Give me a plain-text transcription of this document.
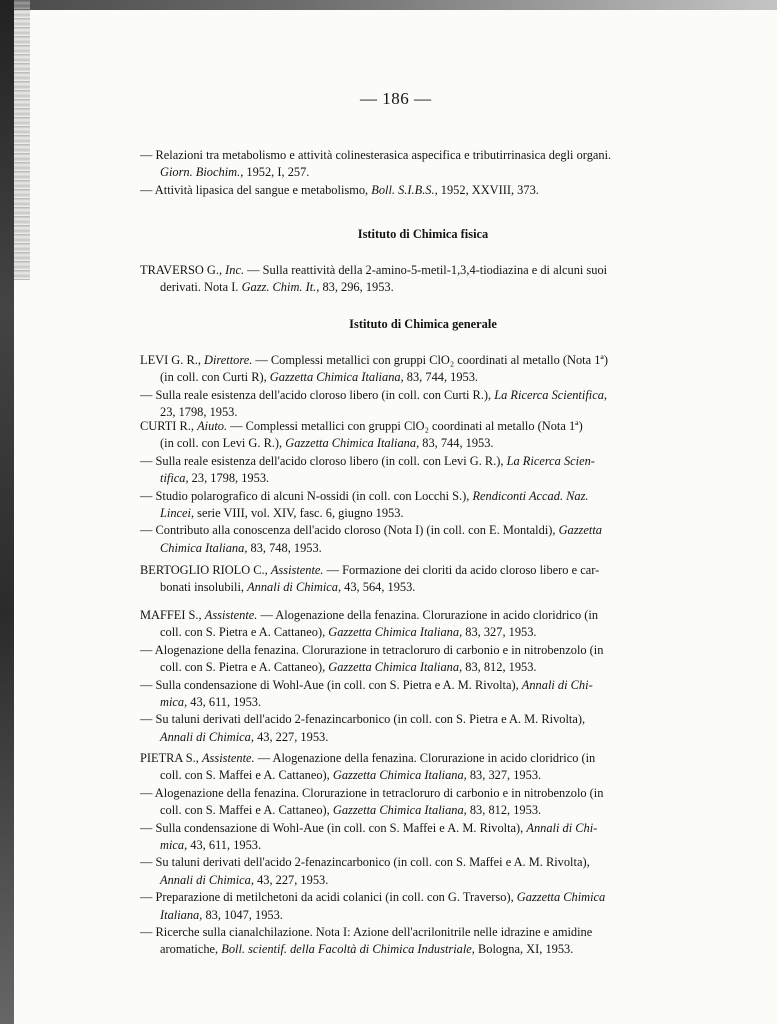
— 186 —
— Relazioni tra metabolismo e attività colinesterasica aspecifica e tributirrinasica degli organi.
Giorn. Biochim., 1952, I, 257.
— Attività lipasica del sangue e metabolismo, Boll. S.I.B.S., 1952, XXVIII, 373.
Istituto di Chimica fisica
TRAVERSO G., Inc. — Sulla reattività della 2-amino-5-metil-1,3,4-tiodiazina e di alcuni suoi
derivati. Nota I. Gazz. Chim. It., 83, 296, 1953.
Istituto di Chimica generale
LEVI G. R., Direttore. — Complessi metallici con gruppi ClO₂ coordinati al metallo (Nota 1ª)
(in coll. con Curti R), Gazzetta Chimica Italiana, 83, 744, 1953.
— Sulla reale esistenza dell'acido cloroso libero (in coll. con Curti R.), La Ricerca Scientifica,
23, 1798, 1953.
CURTI R., Aiuto. — Complessi metallici con gruppi ClO₂ coordinati al metallo (Nota 1ª)
(in coll. con Levi G. R.), Gazzetta Chimica Italiana, 83, 744, 1953.
— Sulla reale esistenza dell'acido cloroso libero (in coll. con Levi G. R.), La Ricerca Scien-
tifica, 23, 1798, 1953.
— Studio polarografico di alcuni N-ossidi (in coll. con Locchi S.), Rendiconti Accad. Naz.
Lincei, serie VIII, vol. XIV, fasc. 6, giugno 1953.
— Contributo alla conoscenza dell'acido cloroso (Nota I) (in coll. con E. Montaldi), Gazzetta
Chimica Italiana, 83, 748, 1953.
BERTOGLIO RIOLO C., Assistente. — Formazione dei cloriti da acido cloroso libero e car-
bonati insolubili, Annali di Chimica, 43, 564, 1953.
MAFFEI S., Assistente. — Alogenazione della fenazina. Clorurazione in acido cloridrico (in
coll. con S. Pietra e A. Cattaneo), Gazzetta Chimica Italiana, 83, 327, 1953.
— Alogenazione della fenazina. Clorurazione in tetracloruro di carbonio e in nitrobenzolo (in
coll. con S. Pietra e A. Cattaneo), Gazzetta Chimica Italiana, 83, 812, 1953.
— Sulla condensazione di Wohl-Aue (in coll. con S. Pietra e A. M. Rivolta), Annali di Chi-
mica, 43, 611, 1953.
— Su taluni derivati dell'acido 2-fenazincarbonico (in coll. con S. Pietra e A. M. Rivolta),
Annali di Chimica, 43, 227, 1953.
PIETRA S., Assistente. — Alogenazione della fenazina. Clorurazione in acido cloridrico (in
coll. con S. Maffei e A. Cattaneo), Gazzetta Chimica Italiana, 83, 327, 1953.
— Alogenazione della fenazina. Clorurazione in tetracloruro di carbonio e in nitrobenzolo (in
coll. con S. Maffei e A. Cattaneo), Gazzetta Chimica Italiana, 83, 812, 1953.
— Sulla condensazione di Wohl-Aue (in coll. con S. Maffei e A. M. Rivolta), Annali di Chi-
mica, 43, 611, 1953.
— Su taluni derivati dell'acido 2-fenazincarbonico (in coll. con S. Maffei e A. M. Rivolta),
Annali di Chimica, 43, 227, 1953.
— Preparazione di metilchetoni da acidi colanici (in coll. con G. Traverso), Gazzetta Chimica
Italiana, 83, 1047, 1953.
— Ricerche sulla cianalchilazione. Nota I: Azione dell'acrilonitrile nelle idrazine e amidine
aromatiche, Boll. scientif. della Facoltà di Chimica Industriale, Bologna, XI, 1953.
